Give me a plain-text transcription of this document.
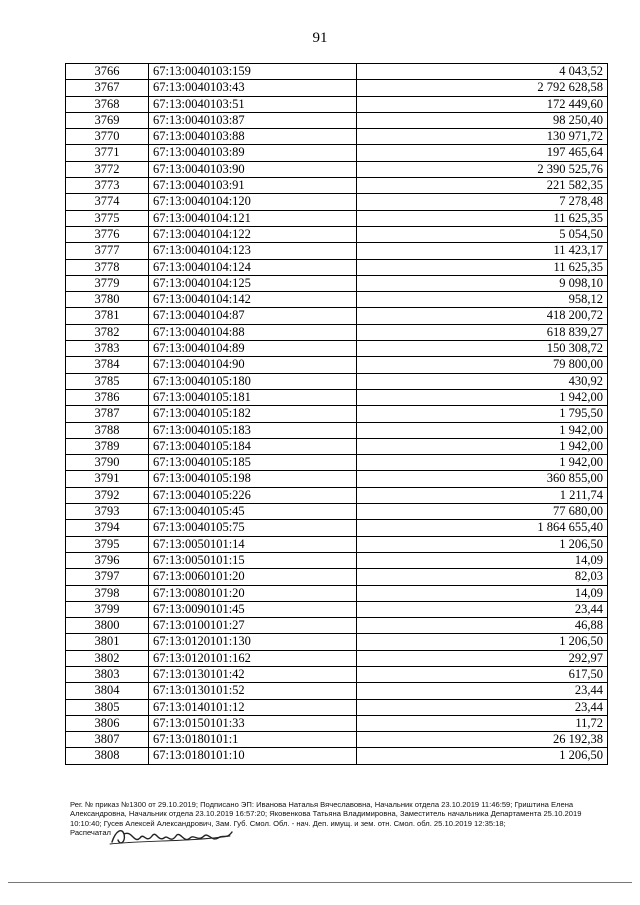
91
3766	67:13:0040103:159	4 043,52
3767	67:13:0040103:43	2 792 628,58
3768	67:13:0040103:51	172 449,60
3769	67:13:0040103:87	98 250,40
3770	67:13:0040103:88	130 971,72
3771	67:13:0040103:89	197 465,64
3772	67:13:0040103:90	2 390 525,76
3773	67:13:0040103:91	221 582,35
3774	67:13:0040104:120	7 278,48
3775	67:13:0040104:121	11 625,35
3776	67:13:0040104:122	5 054,50
3777	67:13:0040104:123	11 423,17
3778	67:13:0040104:124	11 625,35
3779	67:13:0040104:125	9 098,10
3780	67:13:0040104:142	958,12
3781	67:13:0040104:87	418 200,72
3782	67:13:0040104:88	618 839,27
3783	67:13:0040104:89	150 308,72
3784	67:13:0040104:90	79 800,00
3785	67:13:0040105:180	430,92
3786	67:13:0040105:181	1 942,00
3787	67:13:0040105:182	1 795,50
3788	67:13:0040105:183	1 942,00
3789	67:13:0040105:184	1 942,00
3790	67:13:0040105:185	1 942,00
3791	67:13:0040105:198	360 855,00
3792	67:13:0040105:226	1 211,74
3793	67:13:0040105:45	77 680,00
3794	67:13:0040105:75	1 864 655,40
3795	67:13:0050101:14	1 206,50
3796	67:13:0050101:15	14,09
3797	67:13:0060101:20	82,03
3798	67:13:0080101:20	14,09
3799	67:13:0090101:45	23,44
3800	67:13:0100101:27	46,88
3801	67:13:0120101:130	1 206,50
3802	67:13:0120101:162	292,97
3803	67:13:0130101:42	617,50
3804	67:13:0130101:52	23,44
3805	67:13:0140101:12	23,44
3806	67:13:0150101:33	11,72
3807	67:13:0180101:1	26 192,38
3808	67:13:0180101:10	1 206,50
Рег. № приказ №1300 от 29.10.2019; Подписано ЭП: Иванова Наталья Вячеславовна, Начальник отдела 23.10.2019 11:46:59; Гриштина Елена Александровна, Начальник отдела 23.10.2019 16:57:20; Яковенкова Татьяна Владимировна, Заместитель начальника Департамента 25.10.2019 10:10:40; Гусев Алексей Александрович, Зам. Губ. Смол. Обл. - нач. Деп. имущ. и зем. отн. Смол. обл. 25.10.2019 12:35:18;
Распечатал
